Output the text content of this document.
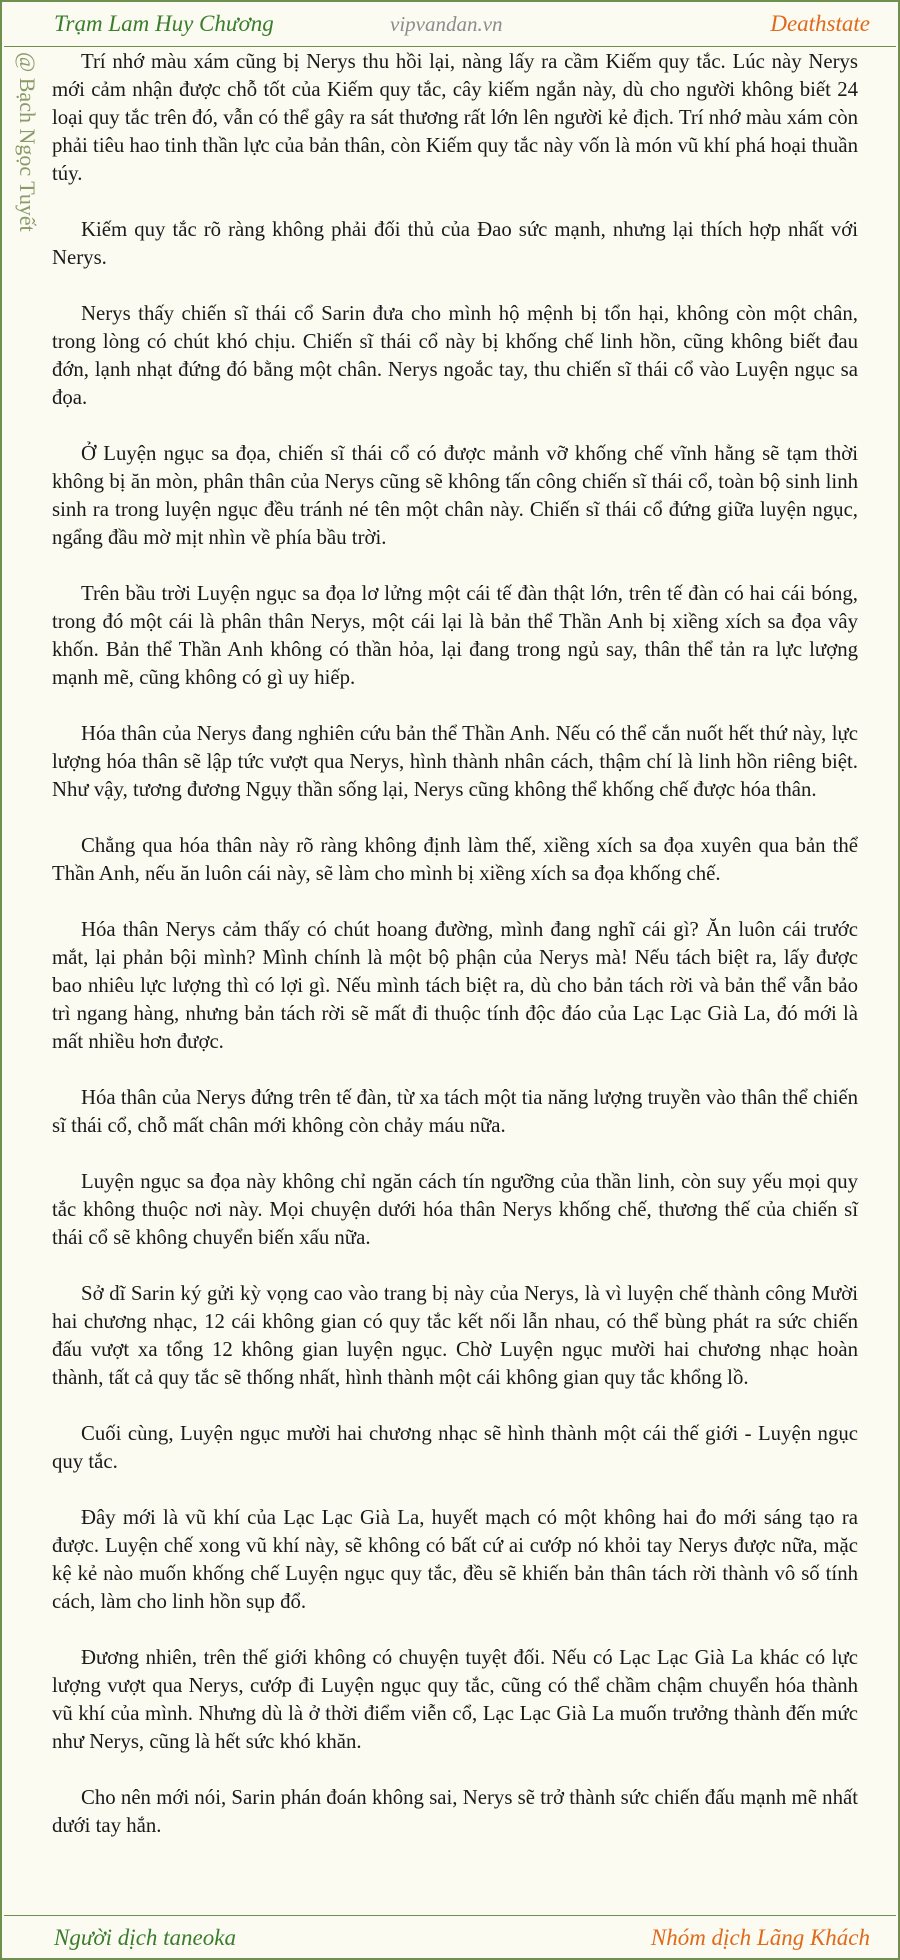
Trạm Lam Huy Chương	vipvandan.vn	Deathstate
@ Bạch Ngọc Tuyết	Trí nhớ màu xám cũng bị Nerys thu hồi lại, nàng lấy ra cầm Kiếm quy tắc. Lúc này Nerys mới cảm nhận được chỗ tốt của Kiếm quy tắc, cây kiếm ngắn này, dù cho người không biết 24 loại quy tắc trên đó, vẫn có thể gây ra sát thương rất lớn lên người kẻ địch. Trí nhớ màu xám còn phải tiêu hao tinh thần lực của bản thân, còn Kiếm quy tắc này vốn là món vũ khí phá hoại thuần túy.

Kiếm quy tắc rõ ràng không phải đối thủ của Đao sức mạnh, nhưng lại thích hợp nhất với Nerys.

Nerys thấy chiến sĩ thái cổ Sarin đưa cho mình hộ mệnh bị tổn hại, không còn một chân, trong lòng có chút khó chịu. Chiến sĩ thái cổ này bị khống chế linh hồn, cũng không biết đau đớn, lạnh nhạt đứng đó bằng một chân. Nerys ngoắc tay, thu chiến sĩ thái cổ vào Luyện ngục sa đọa.

Ở Luyện ngục sa đọa, chiến sĩ thái cổ có được mảnh vỡ khống chế vĩnh hằng sẽ tạm thời không bị ăn mòn, phân thân của Nerys cũng sẽ không tấn công chiến sĩ thái cổ, toàn bộ sinh linh sinh ra trong luyện ngục đều tránh né tên một chân này. Chiến sĩ thái cổ đứng giữa luyện ngục, ngẩng đầu mờ mịt nhìn về phía bầu trời.

Trên bầu trời Luyện ngục sa đọa lơ lửng một cái tế đàn thật lớn, trên tế đàn có hai cái bóng, trong đó một cái là phân thân Nerys, một cái lại là bản thể Thần Anh bị xiềng xích sa đọa vây khốn. Bản thể Thần Anh không có thần hỏa, lại đang trong ngủ say, thân thể tản ra lực lượng mạnh mẽ, cũng không có gì uy hiếp.

Hóa thân của Nerys đang nghiên cứu bản thể Thần Anh. Nếu có thể cắn nuốt hết thứ này, lực lượng hóa thân sẽ lập tức vượt qua Nerys, hình thành nhân cách, thậm chí là linh hồn riêng biệt. Như vậy, tương đương Ngụy thần sống lại, Nerys cũng không thể khống chế được hóa thân.

Chẳng qua hóa thân này rõ ràng không định làm thế, xiềng xích sa đọa xuyên qua bản thể Thần Anh, nếu ăn luôn cái này, sẽ làm cho mình bị xiềng xích sa đọa khống chế.

Hóa thân Nerys cảm thấy có chút hoang đường, mình đang nghĩ cái gì? Ăn luôn cái trước mắt, lại phản bội mình? Mình chính là một bộ phận của Nerys mà! Nếu tách biệt ra, lấy được bao nhiêu lực lượng thì có lợi gì. Nếu mình tách biệt ra, dù cho bản tách rời và bản thể vẫn bảo trì ngang hàng, nhưng bản tách rời sẽ mất đi thuộc tính độc đáo của Lạc Lạc Già La, đó mới là mất nhiều hơn được.

Hóa thân của Nerys đứng trên tế đàn, từ xa tách một tia năng lượng truyền vào thân thể chiến sĩ thái cổ, chỗ mất chân mới không còn chảy máu nữa.

Luyện ngục sa đọa này không chỉ ngăn cách tín ngưỡng của thần linh, còn suy yếu mọi quy tắc không thuộc nơi này. Mọi chuyện dưới hóa thân Nerys khống chế, thương thế của chiến sĩ thái cổ sẽ không chuyển biến xấu nữa.

Sở dĩ Sarin ký gửi kỳ vọng cao vào trang bị này của Nerys, là vì luyện chế thành công Mười hai chương nhạc, 12 cái không gian có quy tắc kết nối lẫn nhau, có thể bùng phát ra sức chiến đấu vượt xa tổng 12 không gian luyện ngục. Chờ Luyện ngục mười hai chương nhạc hoàn thành, tất cả quy tắc sẽ thống nhất, hình thành một cái không gian quy tắc khổng lồ.

Cuối cùng, Luyện ngục mười hai chương nhạc sẽ hình thành một cái thế giới - Luyện ngục quy tắc.

Đây mới là vũ khí của Lạc Lạc Già La, huyết mạch có một không hai đo mới sáng tạo ra được. Luyện chế xong vũ khí này, sẽ không có bất cứ ai cướp nó khỏi tay Nerys được nữa, mặc kệ kẻ nào muốn khống chế Luyện ngục quy tắc, đều sẽ khiến bản thân tách rời thành vô số tính cách, làm cho linh hồn sụp đổ.

Đương nhiên, trên thế giới không có chuyện tuyệt đối. Nếu có Lạc Lạc Già La khác có lực lượng vượt qua Nerys, cướp đi Luyện ngục quy tắc, cũng có thể chầm chậm chuyển hóa thành vũ khí của mình. Nhưng dù là ở thời điểm viễn cổ, Lạc Lạc Già La muốn trưởng thành đến mức như Nerys, cũng là hết sức khó khăn.

Cho nên mới nói, Sarin phán đoán không sai, Nerys sẽ trở thành sức chiến đấu mạnh mẽ nhất dưới tay hắn.

Người dịch taneoka	Nhóm dịch Lãng Khách
